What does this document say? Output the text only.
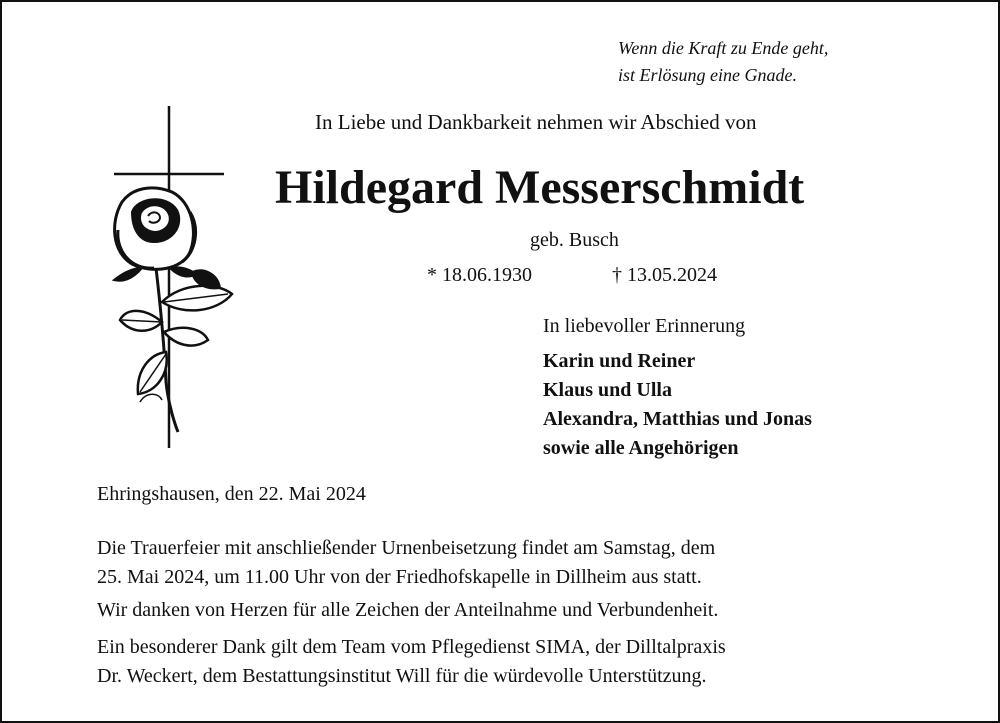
Wenn die Kraft zu Ende geht,
ist Erlösung eine Gnade.
In Liebe und Dankbarkeit nehmen wir Abschied von
Hildegard Messerschmidt
geb. Busch
* 18.06.1930	† 13.05.2024
In liebevoller Erinnerung
Karin und Reiner
Klaus und Ulla
Alexandra, Matthias und Jonas
sowie alle Angehörigen
Ehringshausen, den 22. Mai 2024
Die Trauerfeier mit anschließender Urnenbeisetzung findet am Samstag, dem
25. Mai 2024, um 11.00 Uhr von der Friedhofskapelle in Dillheim aus statt.
Wir danken von Herzen für alle Zeichen der Anteilnahme und Verbundenheit.
Ein besonderer Dank gilt dem Team vom Pflegedienst SIMA, der Dilltalpraxis
Dr. Weckert, dem Bestattungsinstitut Will für die würdevolle Unterstützung.
